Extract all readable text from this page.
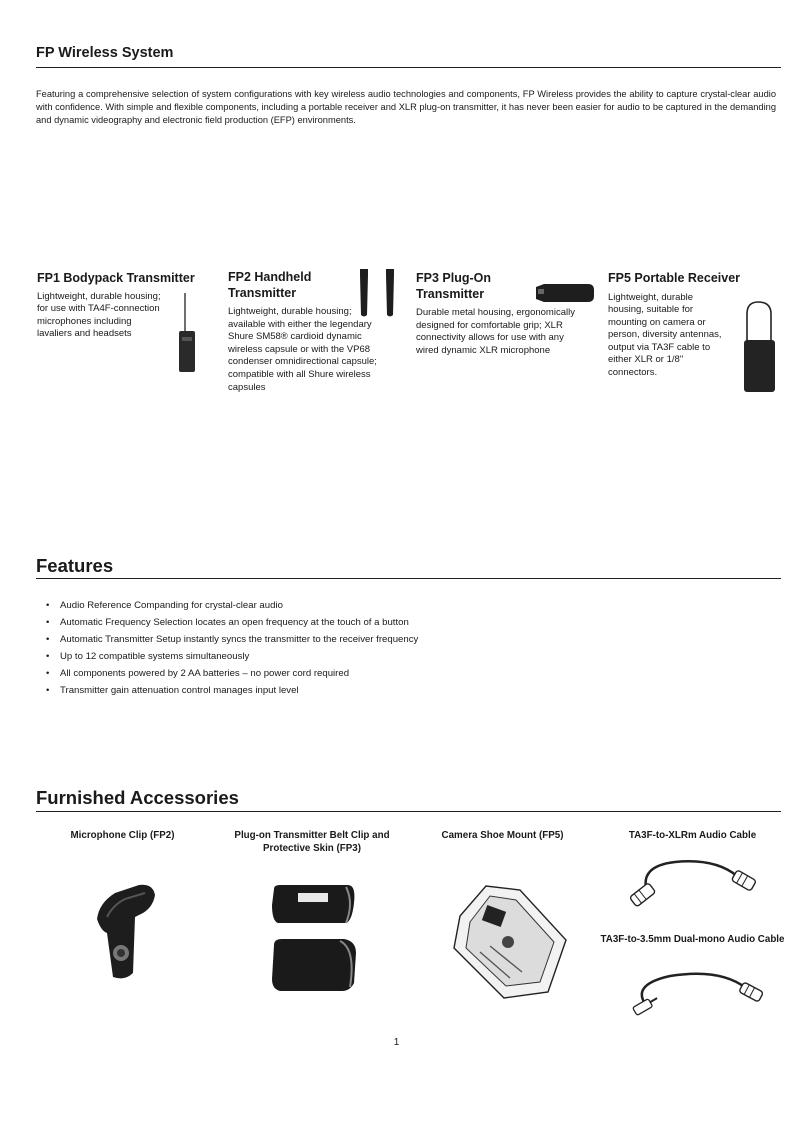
FP Wireless System

Featuring a comprehensive selection of system configurations with key wireless audio technologies and components, FP Wireless provides the ability to capture crystal-clear audio with confidence. With simple and flexible components, including a portable receiver and XLR plug-on transmitter, it has never been easier for audio to be captured in the demanding and dynamic videography and electronic field production (EFP) environments.

FP1 Bodypack Transmitter

Lightweight, durable housing; for use with TA4F-connection microphones including lavaliers and headsets

FP2 Handheld Transmitter

Lightweight, durable housing; available with either the legendary Shure SM58® cardioid dynamic wireless capsule or with the VP68 condenser omnidirectional capsule; compatible with all Shure wireless capsules

FP3 Plug-On Transmitter

Durable metal housing, ergonomically designed for comfortable grip; XLR connectivity allows for use with any wired dynamic XLR microphone

FP5 Portable Receiver

Lightweight, durable housing, suitable for mounting on camera or person, diversity antennas, output via TA3F cable to either XLR or 1/8" connectors.

Features
• Audio Reference Companding for crystal-clear audio
• Automatic Frequency Selection locates an open frequency at the touch of a button
• Automatic Transmitter Setup instantly syncs the transmitter to the receiver frequency
• Up to 12 compatible systems simultaneously
• All components powered by 2 AA batteries – no power cord required
• Transmitter gain attenuation control manages input level
Furnished Accessories

Microphone Clip (FP2)	Plug-on Transmitter Belt Clip and Protective Skin (FP3)

Camera Shoe Mount (FP5)	TA3F-to-XLRm Audio Cable

TA3F-to-3.5mm Dual-mono Audio Cable

1
